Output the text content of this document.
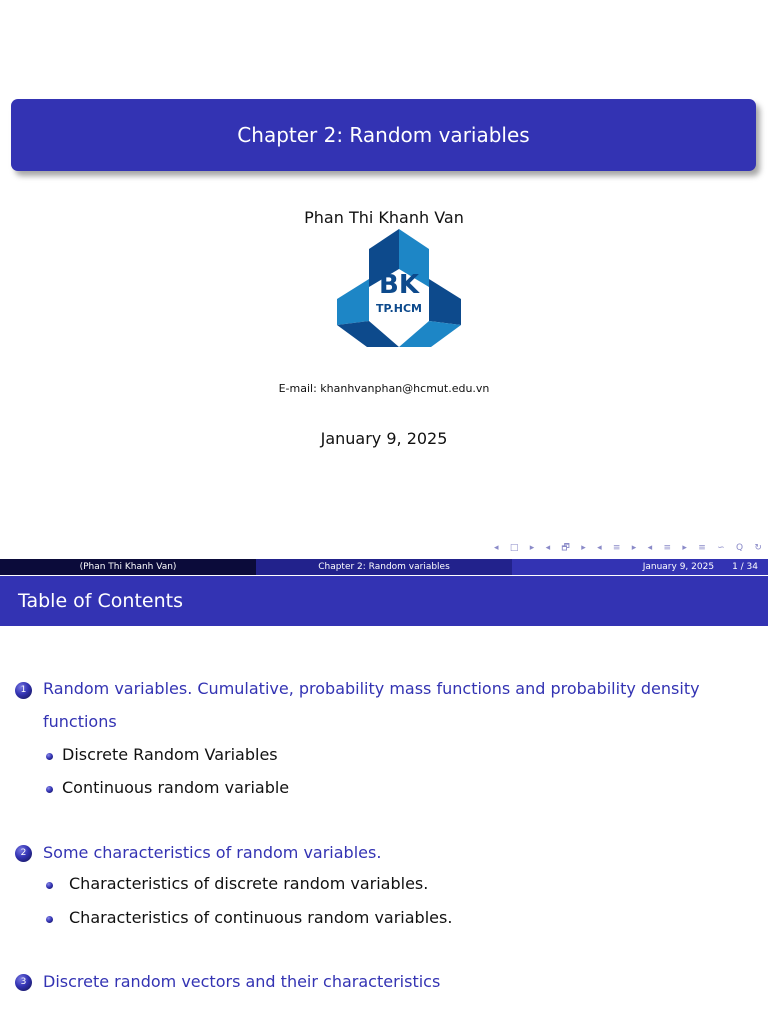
Chapter 2: Random variables
Phan Thi Khanh Van
BK
TP.HCM
E-mail: khanhvanphan@hcmut.edu.vn
January 9, 2025
◂ □ ▸ ◂ 🗗 ▸ ◂ ≡ ▸ ◂ ≡ ▸ ≡ ∽ Q ↻
(Phan Thi Khanh Van)	Chapter 2: Random variables	January 9, 2025 1 / 34
Table of Contents
1	Random variables. Cumulative, probability mass functions and probability density
functions
Discrete Random Variables
Continuous random variable
2	Some characteristics of random variables.
Characteristics of discrete random variables.
Characteristics of continuous random variables.
3	Discrete random vectors and their characteristics
